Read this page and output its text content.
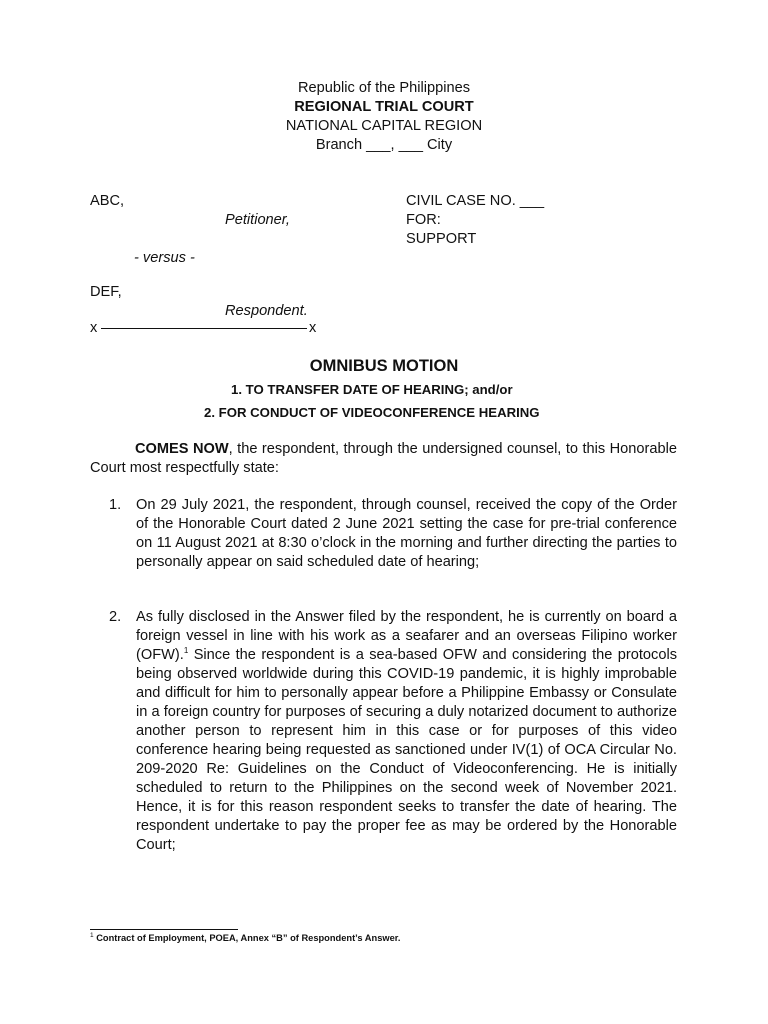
Republic of the Philippines
REGIONAL TRIAL COURT
NATIONAL CAPITAL REGION
Branch ___, ___ City
ABC,
Petitioner,
- versus -
DEF,
Respondent.
x	x
CIVIL CASE NO. ___
FOR:
SUPPORT
OMNIBUS MOTION
1. TO TRANSFER DATE OF HEARING; and/or
2. FOR CONDUCT OF VIDEOCONFERENCE HEARING
COMES NOW, the respondent, through the undersigned counsel, to this Honorable Court most respectfully state:
1. On 29 July 2021, the respondent, through counsel, received the copy of the Order of the Honorable Court dated 2 June 2021 setting the case for pre-trial conference on 11 August 2021 at 8:30 o’clock in the morning and further directing the parties to personally appear on said scheduled date of hearing;
2. As fully disclosed in the Answer filed by the respondent, he is currently on board a foreign vessel in line with his work as a seafarer and an overseas Filipino worker (OFW).$^1$ Since the respondent is a sea-based OFW and considering the protocols being observed worldwide during this COVID-19 pandemic, it is highly improbable and difficult for him to personally appear before a Philippine Embassy or Consulate in a foreign country for purposes of securing a duly notarized document to authorize another person to represent him in this case or for purposes of this video conference hearing being requested as sanctioned under IV(1) of OCA Circular No. 209-2020 Re: Guidelines on the Conduct of Videoconferencing. He is initially scheduled to return to the Philippines on the second week of November 2021. Hence, it is for this reason respondent seeks to transfer the date of hearing. The respondent undertake to pay the proper fee as may be ordered by the Honorable Court;
$^1$ Contract of Employment, POEA, Annex “B” of Respondent’s Answer.
